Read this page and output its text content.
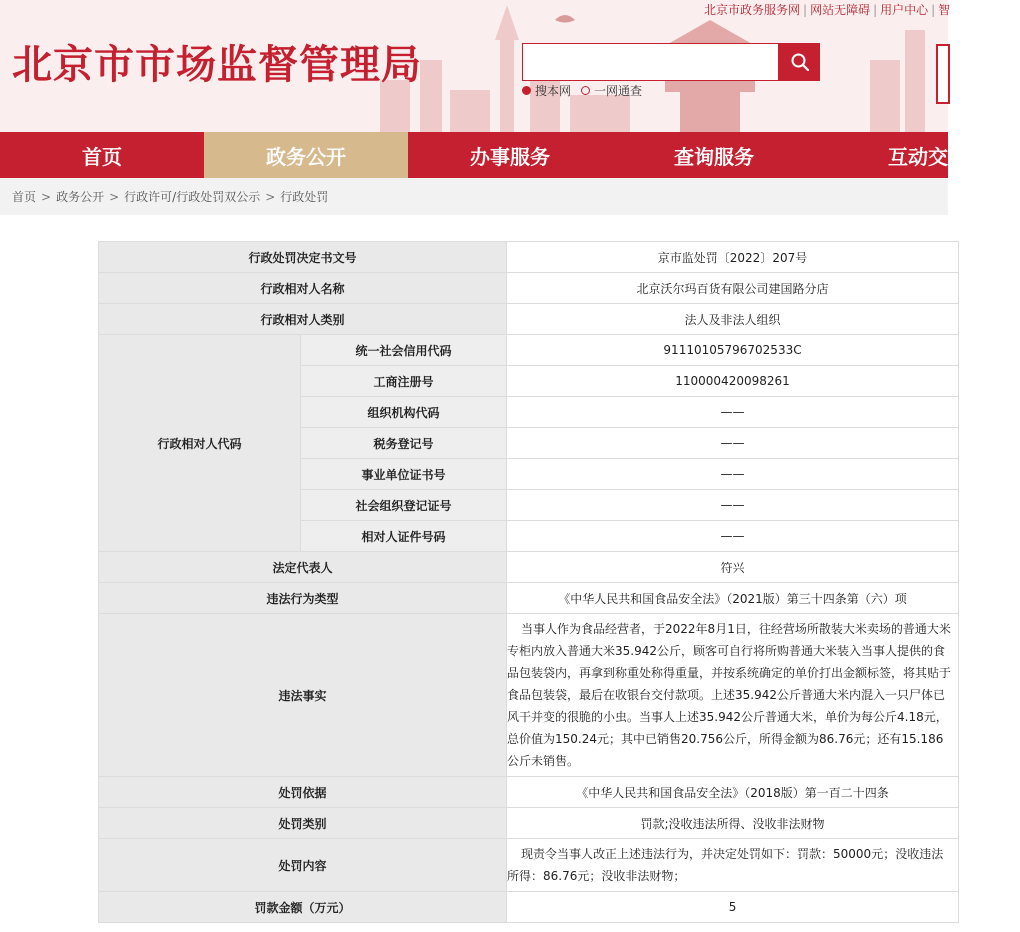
北京市市场监督管理局
北京市政务服务网 | 网站无障碍 | 用户中心 | 智
搜本网 一网通查
首页	政务公开	办事服务	查询服务	互动交
首页 > 政务公开 > 行政许可/行政处罚双公示 > 行政处罚
行政处罚决定书文号		京市监处罚〔2022〕207号
行政相对人名称		北京沃尔玛百货有限公司建国路分店
行政相对人类别		法人及非法人组织
行政相对人代码	统一社会信用代码	91110105796702533C
	工商注册号	110000420098261
	组织机构代码	——
	税务登记号	——
	事业单位证书号	——
	社会组织登记证号	——
	相对人证件号码	——
法定代表人		符兴
违法行为类型		《中华人民共和国食品安全法》（2021版）第三十四条第（六）项
违法事实		当事人作为食品经营者，于2022年8月1日，往经营场所散装大米卖场的普通大米专柜内放入普通大米35.942公斤，顾客可自行将所购普通大米装入当事人提供的食品包装袋内，再拿到称重处称得重量，并按系统确定的单价打出金额标签，将其贴于食品包装袋，最后在收银台交付款项。上述35.942公斤普通大米内混入一只尸体已风干并变的很脆的小虫。当事人上述35.942公斤普通大米，单价为每公斤4.18元，总价值为150.24元；其中已销售20.756公斤，所得金额为86.76元；还有15.186公斤未销售。
处罚依据		《中华人民共和国食品安全法》（2018版）第一百二十四条
处罚类别		罚款;没收违法所得、没收非法财物
处罚内容		现责令当事人改正上述违法行为，并决定处罚如下：罚款：50000元；没收违法所得：86.76元；没收非法财物；
罚款金额（万元）		5
